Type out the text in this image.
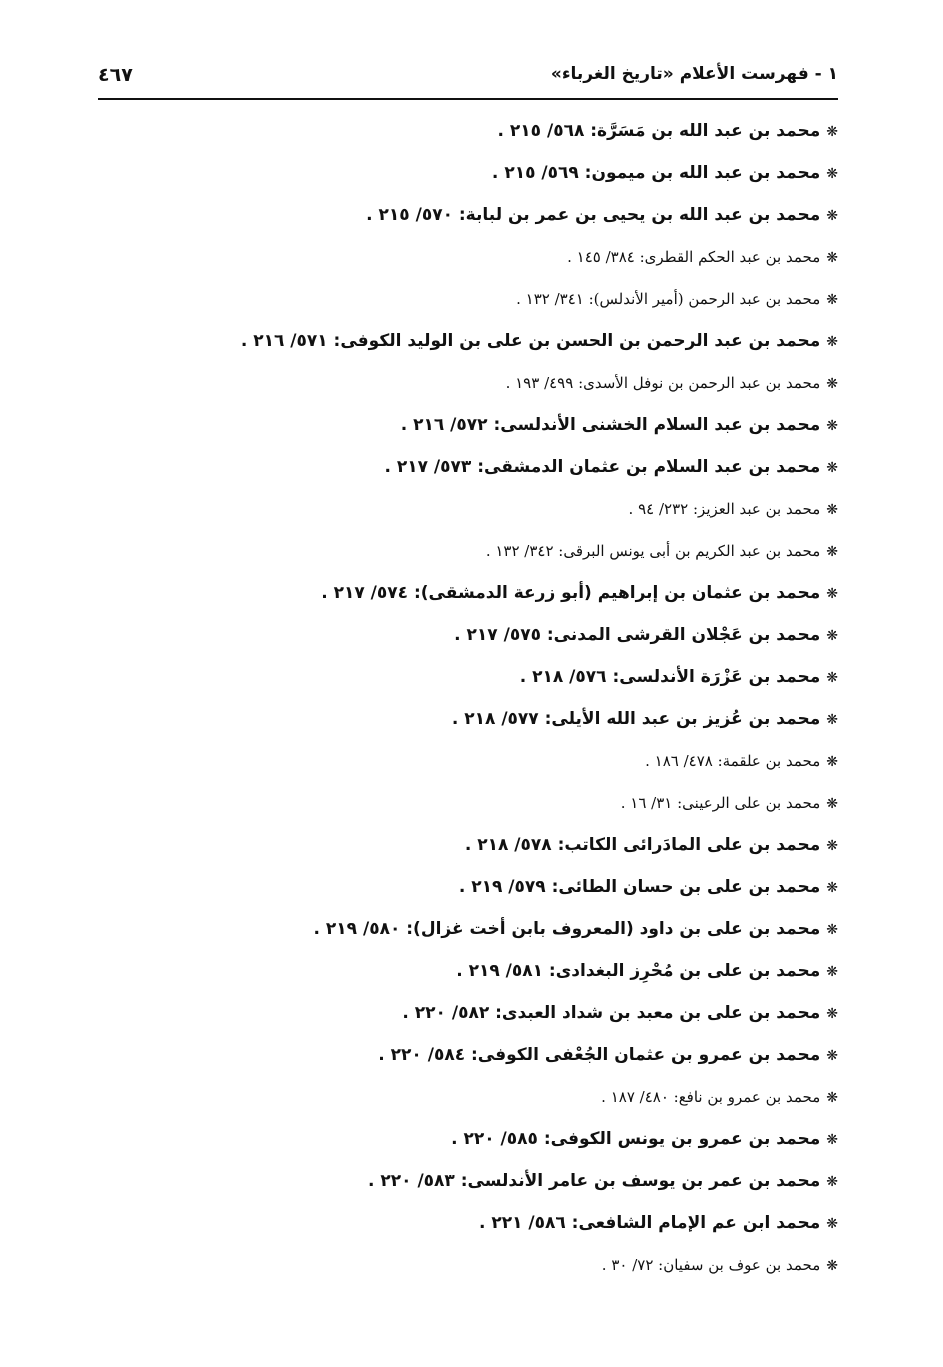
١ - فهرست الأعلام «تاريخ الغرباء»
٤٦٧
❋محمد بن عبد الله بن مَسَرَّة: ٥٦٨/ ٢١٥ .
❋محمد بن عبد الله بن ميمون: ٥٦٩/ ٢١٥ .
❋محمد بن عبد الله بن يحيى بن عمر بن لبابة: ٥٧٠/ ٢١٥ .
❋محمد بن عبد الحكم القطرى: ٣٨٤/ ١٤٥ .
❋محمد بن عبد الرحمن (أمير الأندلس): ٣٤١/ ١٣٢ .
❋محمد بن عبد الرحمن بن الحسن بن على بن الوليد الكوفى: ٥٧١/ ٢١٦ .
❋محمد بن عبد الرحمن بن نوفل الأسدى: ٤٩٩/ ١٩٣ .
❋محمد بن عبد السلام الخشنى الأندلسى: ٥٧٢/ ٢١٦ .
❋محمد بن عبد السلام بن عثمان الدمشقى: ٥٧٣/ ٢١٧ .
❋محمد بن عبد العزيز: ٢٣٢/ ٩٤ .
❋محمد بن عبد الكريم بن أبى يونس البرقى: ٣٤٢/ ١٣٢ .
❋محمد بن عثمان بن إبراهيم (أبو زرعة الدمشقى): ٥٧٤/ ٢١٧ .
❋محمد بن عَجْلان القرشى المدنى: ٥٧٥/ ٢١٧ .
❋محمد بن عَزْرَة الأندلسى: ٥٧٦/ ٢١٨ .
❋محمد بن عُزيز بن عبد الله الأيلى: ٥٧٧/ ٢١٨ .
❋محمد بن علقمة: ٤٧٨/ ١٨٦ .
❋محمد بن على الرعينى: ٣١/ ١٦ .
❋محمد بن على المادَرائى الكاتب: ٥٧٨/ ٢١٨ .
❋محمد بن على بن حسان الطائى: ٥٧٩/ ٢١٩ .
❋محمد بن على بن داود (المعروف بابن أخت غزال): ٥٨٠/ ٢١٩ .
❋محمد بن على بن مُحْرِز البغدادى: ٥٨١/ ٢١٩ .
❋محمد بن على بن معبد بن شداد العبدى: ٥٨٢/ ٢٢٠ .
❋محمد بن عمرو بن عثمان الجُعْفى الكوفى: ٥٨٤/ ٢٢٠ .
❋محمد بن عمرو بن نافع: ٤٨٠/ ١٨٧ .
❋محمد بن عمرو بن يونس الكوفى: ٥٨٥/ ٢٢٠ .
❋محمد بن عمر بن يوسف بن عامر الأندلسى: ٥٨٣/ ٢٢٠ .
❋محمد ابن عم الإمام الشافعى: ٥٨٦/ ٢٢١ .
❋محمد بن عوف بن سفيان: ٧٢/ ٣٠ .
